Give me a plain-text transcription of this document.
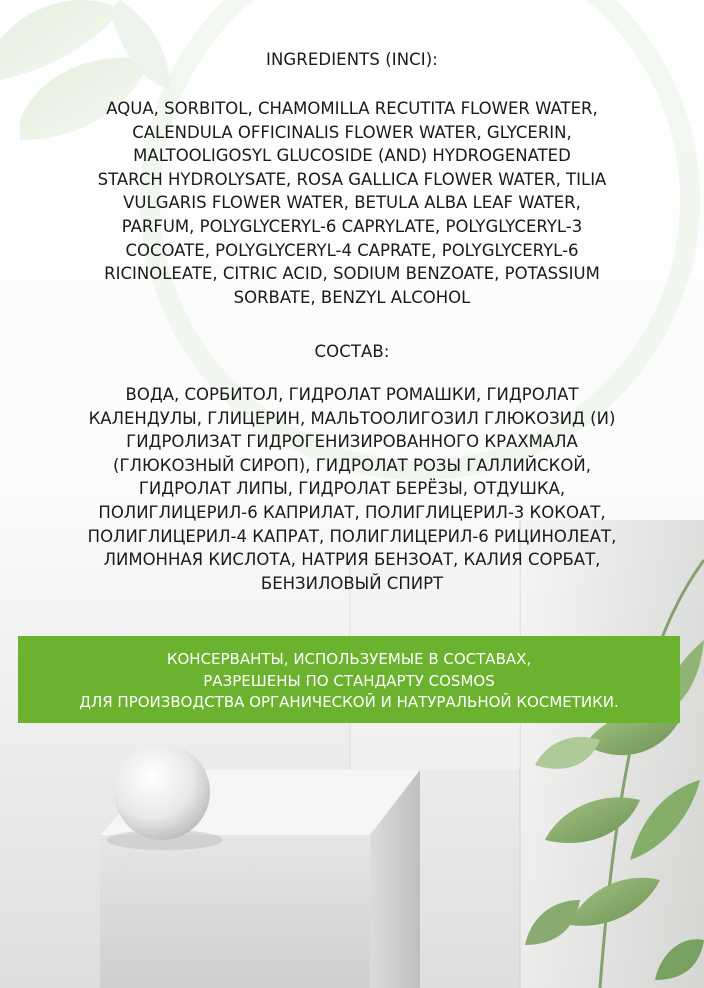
INGREDIENTS (INCI):
AQUA, SORBITOL, CHAMOMILLA RECUTITA FLOWER WATER,
CALENDULA OFFICINALIS FLOWER WATER, GLYCERIN,
MALTOOLIGOSYL GLUCOSIDE (AND) HYDROGENATED
STARCH HYDROLYSATE, ROSA GALLICA FLOWER WATER, TILIA
VULGARIS FLOWER WATER, BETULA ALBA LEAF WATER,
PARFUM, POLYGLYCERYL-6 CAPRYLATE, POLYGLYCERYL-3
COCOATE, POLYGLYCERYL-4 CAPRATE, POLYGLYCERYL-6
RICINOLEATE, CITRIC ACID, SODIUM BENZOATE, POTASSIUM
SORBATE, BENZYL ALCOHOL
СОСТАВ:
ВОДА, СОРБИТОЛ, ГИДРОЛАТ РОМАШКИ, ГИДРОЛАТ
КАЛЕНДУЛЫ, ГЛИЦЕРИН, МАЛЬТООЛИГОЗИЛ ГЛЮКОЗИД (И)
ГИДРОЛИЗАТ ГИДРОГЕНИЗИРОВАННОГО КРАХМАЛА
(ГЛЮКОЗНЫЙ СИРОП), ГИДРОЛАТ РОЗЫ ГАЛЛИЙСКОЙ,
ГИДРОЛАТ ЛИПЫ, ГИДРОЛАТ БЕРЁЗЫ, ОТДУШКА,
ПОЛИГЛИЦЕРИЛ-6 КАПРИЛАТ, ПОЛИГЛИЦЕРИЛ-3 КОКОАТ,
ПОЛИГЛИЦЕРИЛ-4 КАПРАТ, ПОЛИГЛИЦЕРИЛ-6 РИЦИНОЛЕАТ,
ЛИМОННАЯ КИСЛОТА, НАТРИЯ БЕНЗОАТ, КАЛИЯ СОРБАТ,
БЕНЗИЛОВЫЙ СПИРТ
КОНСЕРВАНТЫ, ИСПОЛЬЗУЕМЫЕ В СОСТАВАХ,
РАЗРЕШЕНЫ ПО СТАНДАРТУ COSMOS
ДЛЯ ПРОИЗВОДСТВА ОРГАНИЧЕСКОЙ И НАТУРАЛЬНОЙ КОСМЕТИКИ.
